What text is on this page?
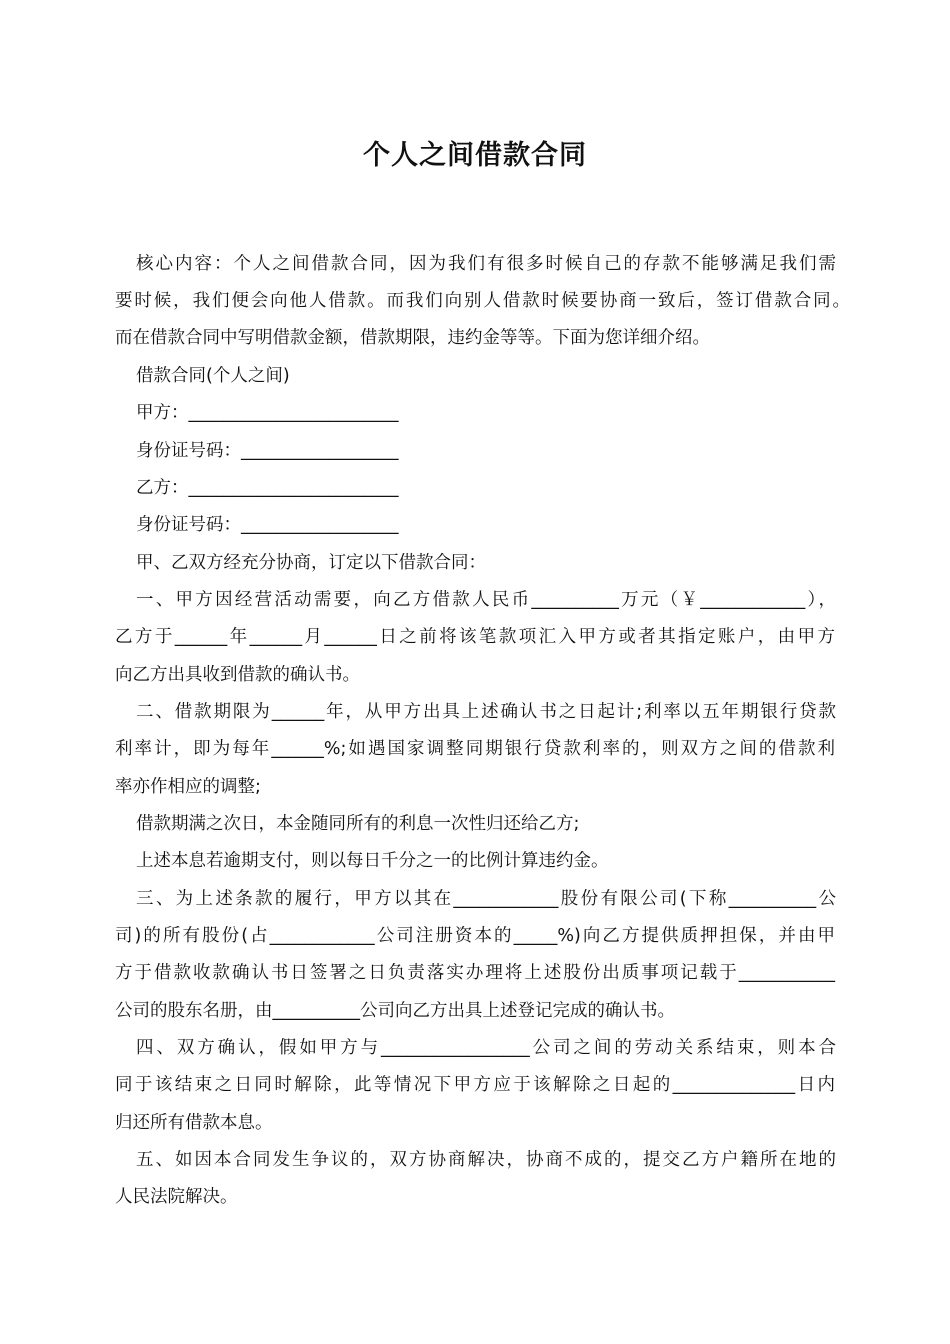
个人之间借款合同

核心内容：个人之间借款合同，因为我们有很多时候自己的存款不能够满足我们需

要时候，我们便会向他人借款。而我们向别人借款时候要协商一致后，签订借款合同。

而在借款合同中写明借款金额，借款期限，违约金等等。下面为您详细介绍。

借款合同(个人之间)

甲方：________________________

身份证号码：__________________

乙方：________________________

身份证号码：__________________

甲、乙双方经充分协商，订定以下借款合同：

一、甲方因经营活动需要，向乙方借款人民币__________万元（￥____________），

乙方于______年______月______日之前将该笔款项汇入甲方或者其指定账户，由甲方

向乙方出具收到借款的确认书。

二、借款期限为______年，从甲方出具上述确认书之日起计;利率以五年期银行贷款

利率计，即为每年______%;如遇国家调整同期银行贷款利率的，则双方之间的借款利

率亦作相应的调整;

借款期满之次日，本金随同所有的利息一次性归还给乙方;

上述本息若逾期支付，则以每日千分之一的比例计算违约金。

三、为上述条款的履行，甲方以其在____________股份有限公司(下称__________公

司)的所有股份(占____________公司注册资本的_____%)向乙方提供质押担保，并由甲

方于借款收款确认书日签署之日负责落实办理将上述股份出质事项记载于___________

公司的股东名册，由__________公司向乙方出具上述登记完成的确认书。

四、双方确认，假如甲方与_________________公司之间的劳动关系结束，则本合

同于该结束之日同时解除，此等情况下甲方应于该解除之日起的______________日内

归还所有借款本息。

五、如因本合同发生争议的，双方协商解决，协商不成的，提交乙方户籍所在地的

人民法院解决。
